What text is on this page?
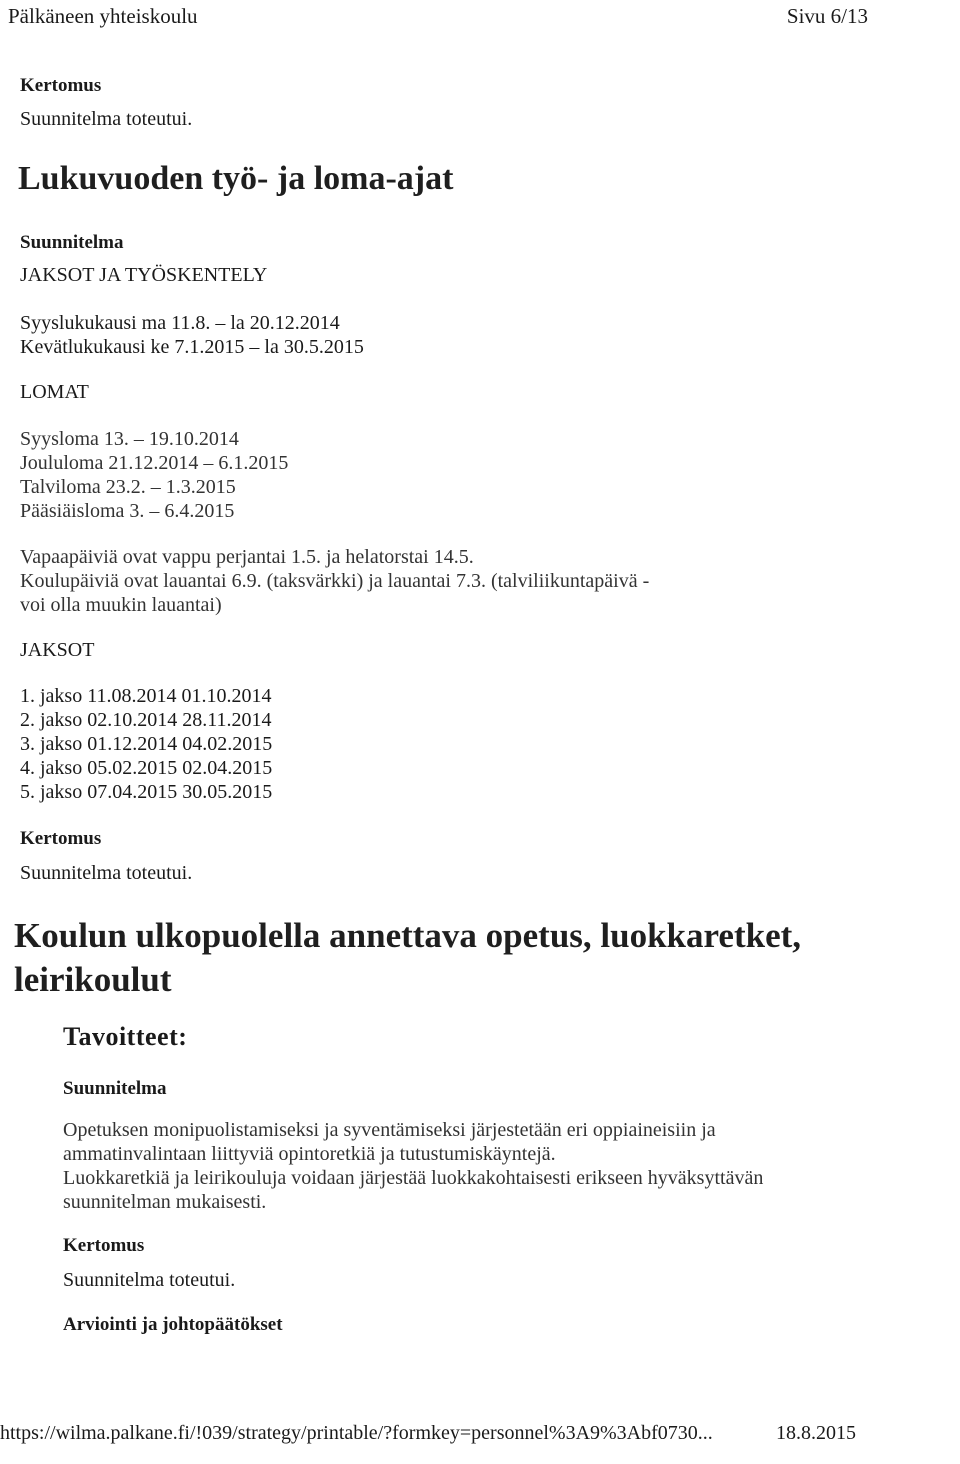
Pälkäneen yhteiskoulu	Sivu 6/13
Kertomus
Suunnitelma toteutui.
Lukuvuoden työ- ja loma-ajat
Suunnitelma
JAKSOT JA TYÖSKENTELY
Syyslukukausi ma 11.8. – la 20.12.2014
Kevätlukukausi ke 7.1.2015 – la 30.5.2015
LOMAT
Syysloma 13. – 19.10.2014
Joululoma 21.12.2014 – 6.1.2015
Talviloma 23.2. – 1.3.2015
Pääsiäisloma 3. – 6.4.2015
Vapaapäiviä ovat vappu perjantai 1.5. ja helatorstai 14.5.
Koulupäiviä ovat lauantai 6.9. (taksvärkki) ja lauantai 7.3. (talviliikuntapäivä -
voi olla muukin lauantai)
JAKSOT
1. jakso 11.08.2014 01.10.2014
2. jakso 02.10.2014 28.11.2014
3. jakso 01.12.2014 04.02.2015
4. jakso 05.02.2015 02.04.2015
5. jakso 07.04.2015 30.05.2015
Kertomus
Suunnitelma toteutui.
Koulun ulkopuolella annettava opetus, luokkaretket,
leirikoulut
Tavoitteet:
Suunnitelma
Opetuksen monipuolistamiseksi ja syventämiseksi järjestetään eri oppiaineisiin ja
ammatinvalintaan liittyviä opintoretkiä ja tutustumiskäyntejä.
Luokkaretkiä ja leirikouluja voidaan järjestää luokkakohtaisesti erikseen hyväksyttävän
suunnitelman mukaisesti.
Kertomus
Suunnitelma toteutui.
Arviointi ja johtopäätökset
https://wilma.palkane.fi/!039/strategy/printable/?formkey=personnel%3A9%3Abf0730...	18.8.2015
